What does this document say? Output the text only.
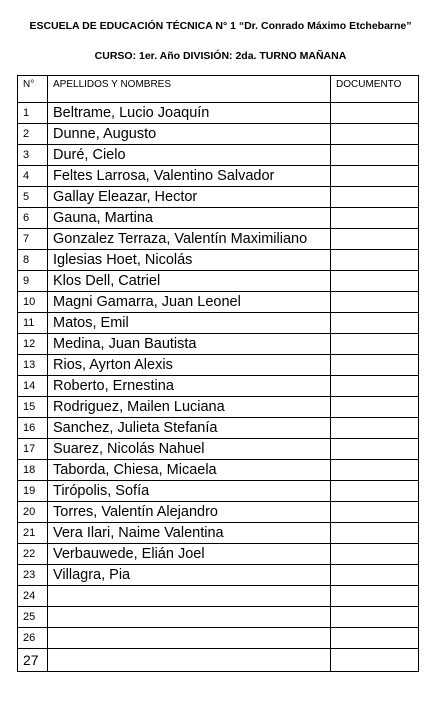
ESCUELA DE EDUCACIÓN TÉCNICA N° 1 “Dr. Conrado Máximo Etchebarne”
CURSO: 1er. Año DIVISIÓN: 2da. TURNO MAÑANA
N°	APELLIDOS Y NOMBRES	DOCUMENTO
1	Beltrame, Lucio Joaquín	
2	Dunne, Augusto	
3	Duré, Cielo	
4	Feltes Larrosa, Valentino Salvador	
5	Gallay Eleazar, Hector	
6	Gauna, Martina	
7	Gonzalez Terraza, Valentín Maximiliano	
8	Iglesias Hoet, Nicolás	
9	Klos Dell, Catriel	
10	Magni Gamarra, Juan Leonel	
11	Matos, Emil	
12	Medina, Juan Bautista	
13	Rios, Ayrton Alexis	
14	Roberto, Ernestina	
15	Rodriguez, Mailen Luciana	
16	Sanchez, Julieta Stefanía	
17	Suarez, Nicolás Nahuel	
18	Taborda, Chiesa, Micaela	
19	Tirópolis, Sofía	
20	Torres, Valentín Alejandro	
21	Vera Ilari, Naime Valentina	
22	Verbauwede, Elián Joel	
23	Villagra, Pia	
24		
25		
26		
27		
